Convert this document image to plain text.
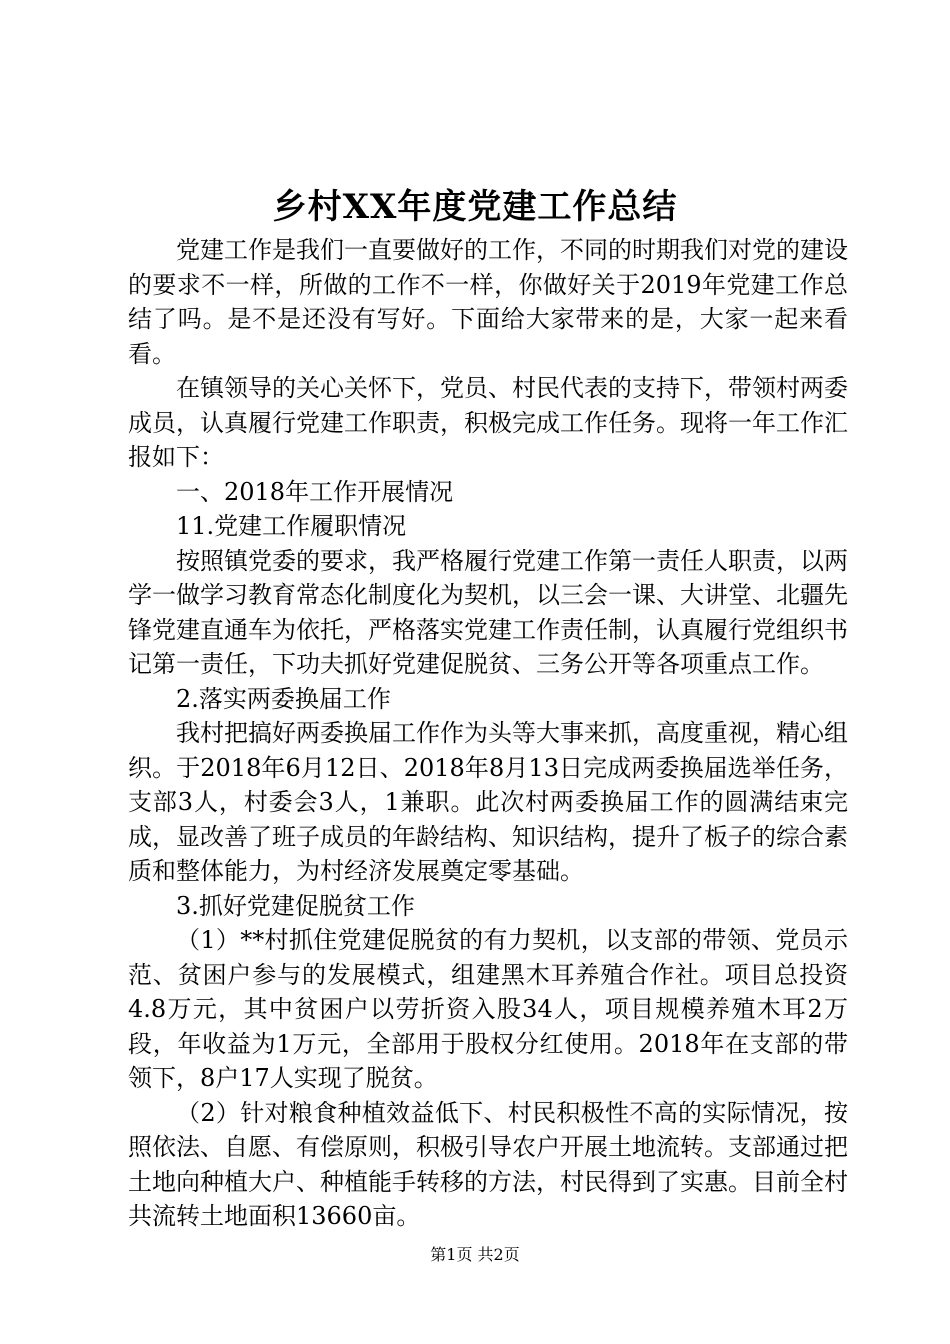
乡村XX年度党建工作总结

党建工作是我们一直要做好的工作，不同的时期我们对党的建设的要求不一样，所做的工作不一样，你做好关于2019年党建工作总结了吗。是不是还没有写好。下面给大家带来的是，大家一起来看看。

在镇领导的关心关怀下，党员、村民代表的支持下，带领村两委成员，认真履行党建工作职责，积极完成工作任务。现将一年工作汇报如下：

一、2018年工作开展情况

11.党建工作履职情况

按照镇党委的要求，我严格履行党建工作第一责任人职责，以两学一做学习教育常态化制度化为契机，以三会一课、大讲堂、北疆先锋党建直通车为依托，严格落实党建工作责任制，认真履行党组织书记第一责任，下功夫抓好党建促脱贫、三务公开等各项重点工作。

2.落实两委换届工作

我村把搞好两委换届工作作为头等大事来抓，高度重视，精心组织。于2018年6月12日、2018年8月13日完成两委换届选举任务，支部3人，村委会3人，1兼职。此次村两委换届工作的圆满结束完成，显改善了班子成员的年龄结构、知识结构，提升了板子的综合素质和整体能力，为村经济发展奠定零基础。

3.抓好党建促脱贫工作

（1）**村抓住党建促脱贫的有力契机，以支部的带领、党员示范、贫困户参与的发展模式，组建黑木耳养殖合作社。项目总投资4.8万元，其中贫困户以劳折资入股34人，项目规模养殖木耳2万段，年收益为1万元，全部用于股权分红使用。2018年在支部的带领下，8户17人实现了脱贫。

（2）针对粮食种植效益低下、村民积极性不高的实际情况，按照依法、自愿、有偿原则，积极引导农户开展土地流转。支部通过把土地向种植大户、种植能手转移的方法，村民得到了实惠。目前全村共流转土地面积13660亩。

第1页 共2页
